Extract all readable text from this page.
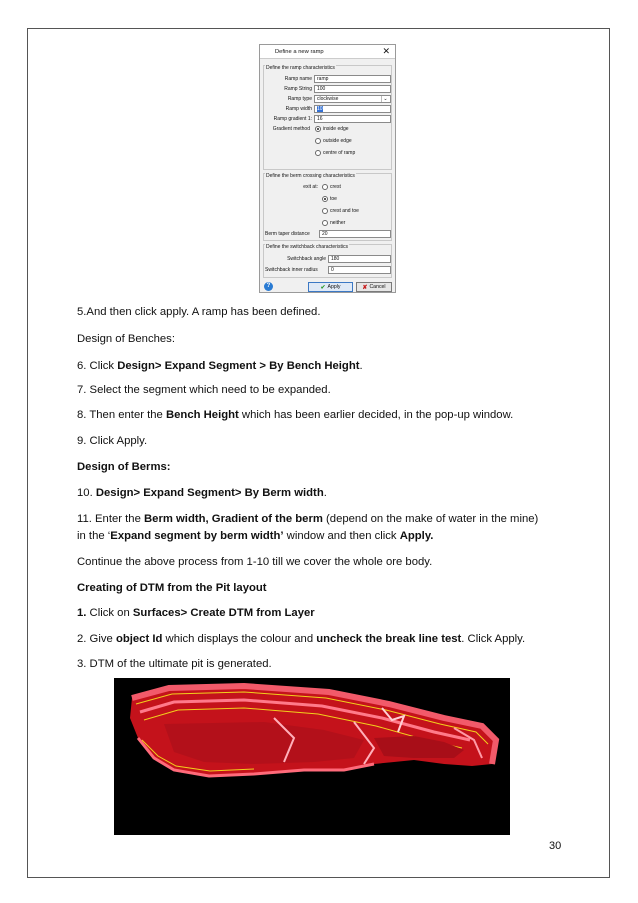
Define a new ramp	✕
Define the ramp characteristics
Ramp name	ramp
Ramp String	100
Ramp type	clockwise	⌄
Ramp width	10
Ramp gradient 1:	16
Gradient method	inside edge
outside edge
centre of ramp
Define the berm crossing characteristics
exit at: crest
toe
crest and toe
neither
Berm taper distance	20
Define the switchback characteristics
Switchback angle	180
Switchback inner radius	0
?	✔ Apply	✘ Cancel
5.And then click apply. A ramp has been defined.
Design of Benches:
6. Click Design> Expand Segment > By Bench Height.
7. Select the segment which need to be expanded.
8. Then enter the Bench Height which has been earlier decided, in the pop-up window.
9. Click Apply.
Design of Berms:
10. Design> Expand Segment> By Berm width.
11. Enter the Berm width, Gradient of the berm (depend on the make of water in the mine)
in the ‘Expand segment by berm width’ window and then click Apply.
Continue the above process from 1-10 till we cover the whole ore body.
Creating of DTM from the Pit layout
1. Click on Surfaces> Create DTM from Layer
2. Give object Id which displays the colour and uncheck the break line test. Click Apply.
3. DTM of the ultimate pit is generated.
30
